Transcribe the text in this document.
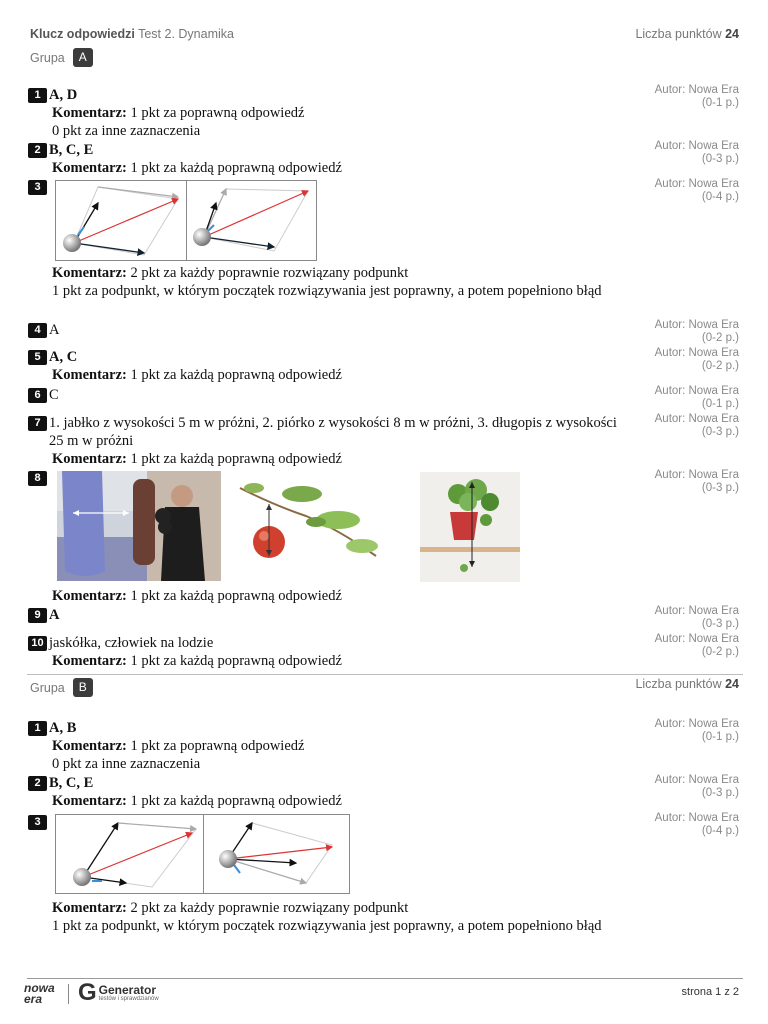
Klucz odpowiedzi Test 2. Dynamika	Liczba punktów 24
Grupa	A
1 A, D
Komentarz: 1 pkt za poprawną odpowiedź
0 pkt za inne zaznaczenia
Autor: Nowa Era
(0-1 p.)
2 B, C, E
Komentarz: 1 pkt za każdą poprawną odpowiedź
Autor: Nowa Era
(0-3 p.)
3	Autor: Nowa Era
(0-4 p.)
Komentarz: 2 pkt za każdy poprawnie rozwiązany podpunkt
1 pkt za podpunkt, w którym początek rozwiązywania jest poprawny, a potem popełniono błąd
4 A	Autor: Nowa Era
(0-2 p.)
5 A, C
Komentarz: 1 pkt za każdą poprawną odpowiedź
Autor: Nowa Era
(0-2 p.)
6 C	Autor: Nowa Era
(0-1 p.)
7 1. jabłko z wysokości 5 m w próżni, 2. piórko z wysokości 8 m w próżni, 3. długopis z wysokości 25 m w próżni
Komentarz: 1 pkt za każdą poprawną odpowiedź
Autor: Nowa Era
(0-3 p.)
8	Autor: Nowa Era
(0-3 p.)
Komentarz: 1 pkt za każdą poprawną odpowiedź
9 A	Autor: Nowa Era
(0-3 p.)
10 jaskółka, człowiek na lodzie
Komentarz: 1 pkt za każdą poprawną odpowiedź
Autor: Nowa Era
(0-2 p.)
Grupa	B	Liczba punktów 24
1 A, B
Komentarz: 1 pkt za poprawną odpowiedź
0 pkt za inne zaznaczenia
Autor: Nowa Era
(0-1 p.)
2 B, C, E
Komentarz: 1 pkt za każdą poprawną odpowiedź
Autor: Nowa Era
(0-3 p.)
3	Autor: Nowa Era
(0-4 p.)
Komentarz: 2 pkt za każdy poprawnie rozwiązany podpunkt
1 pkt za podpunkt, w którym początek rozwiązywania jest poprawny, a potem popełniono błąd
nowa era	G Generator
testów i sprawdzianów
strona 1 z 2
